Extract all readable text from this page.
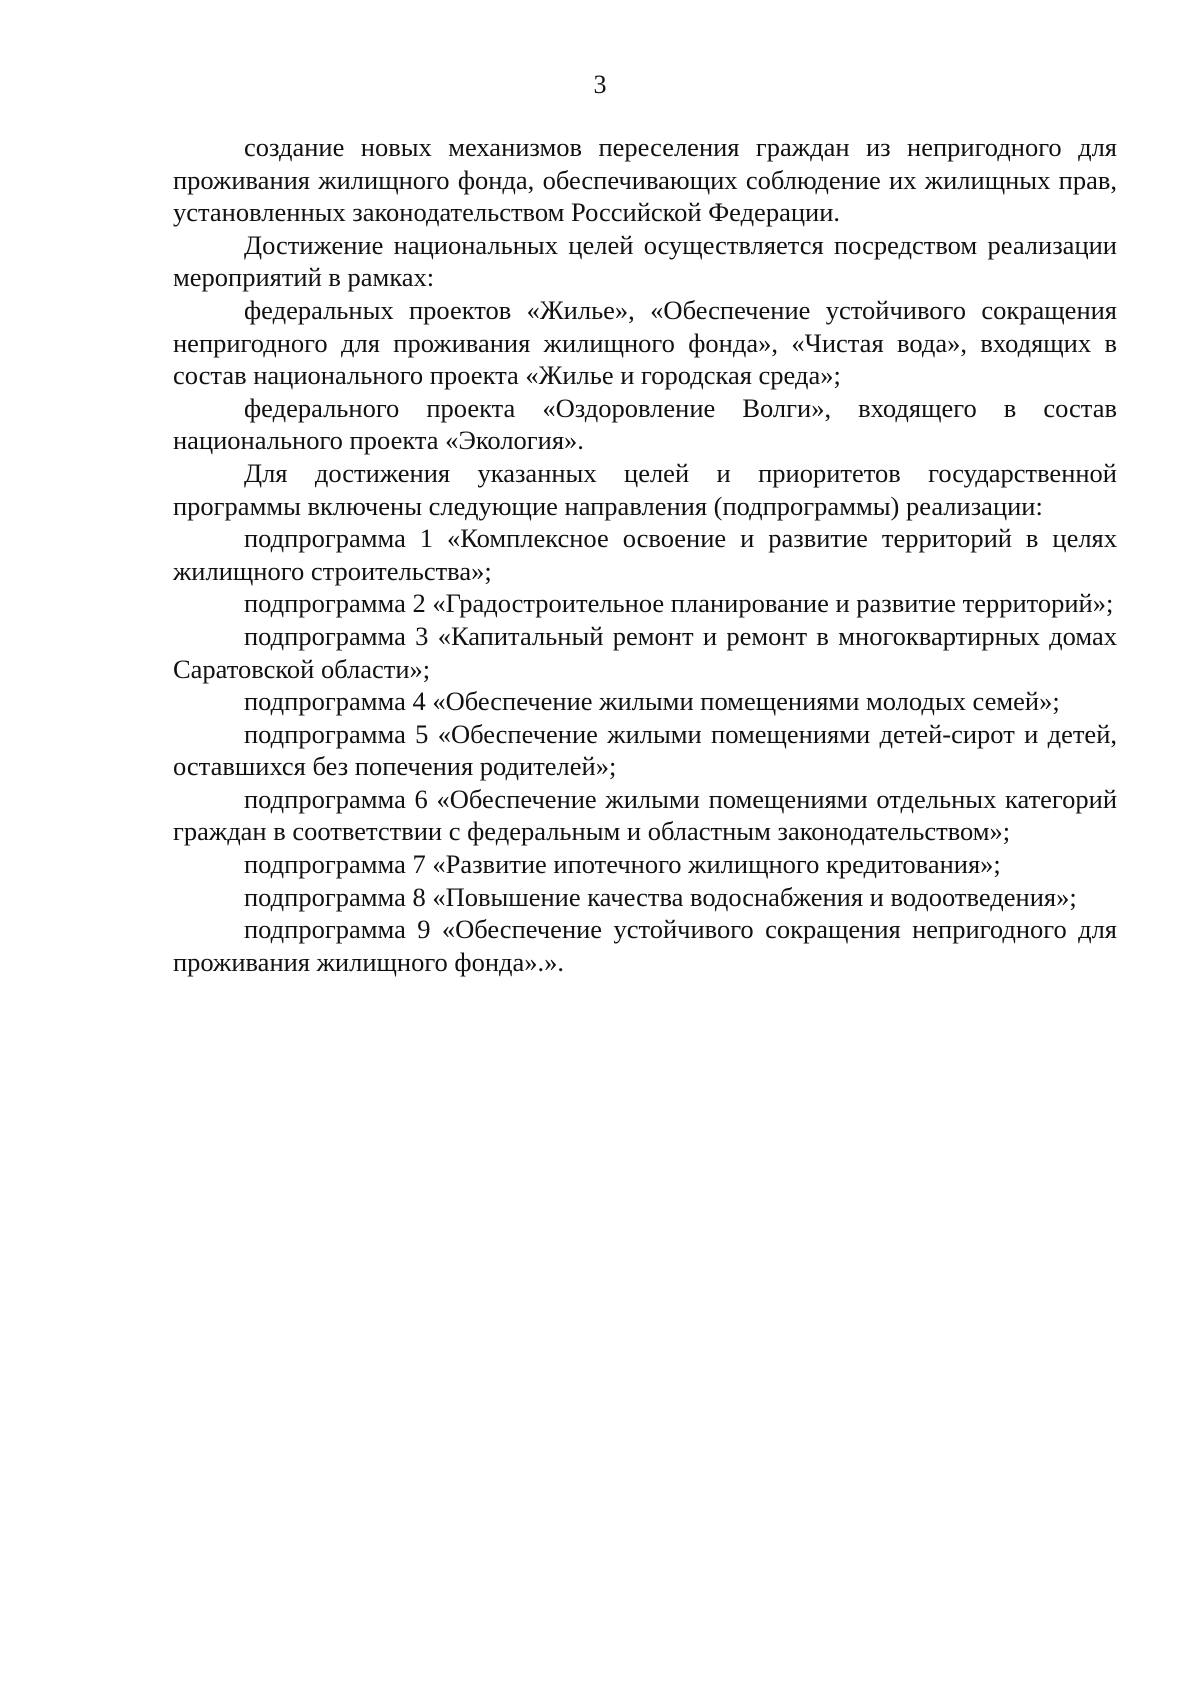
3

создание новых механизмов переселения граждан из непригодного для проживания жилищного фонда, обеспечивающих соблюдение их жилищных прав, установленных законодательством Российской Федерации.

Достижение национальных целей осуществляется посредством реализации мероприятий в рамках:

федеральных проектов «Жилье», «Обеспечение устойчивого сокращения непригодного для проживания жилищного фонда», «Чистая вода», входящих в состав национального проекта «Жилье и городская среда»;

федерального проекта «Оздоровление Волги», входящего в состав национального проекта «Экология».

Для достижения указанных целей и приоритетов государственной программы включены следующие направления (подпрограммы) реализации:

подпрограмма 1 «Комплексное освоение и развитие территорий в целях жилищного строительства»;

подпрограмма 2 «Градостроительное планирование и развитие территорий»;

подпрограмма 3 «Капитальный ремонт и ремонт в многоквартирных домах Саратовской области»;

подпрограмма 4 «Обеспечение жилыми помещениями молодых семей»;

подпрограмма 5 «Обеспечение жилыми помещениями детей-сирот и детей, оставшихся без попечения родителей»;

подпрограмма 6 «Обеспечение жилыми помещениями отдельных категорий граждан в соответствии с федеральным и областным законодательством»;

подпрограмма 7 «Развитие ипотечного жилищного кредитования»;

подпрограмма 8 «Повышение качества водоснабжения и водоотведения»;

подпрограмма 9 «Обеспечение устойчивого сокращения непригодного для проживания жилищного фонда».».
